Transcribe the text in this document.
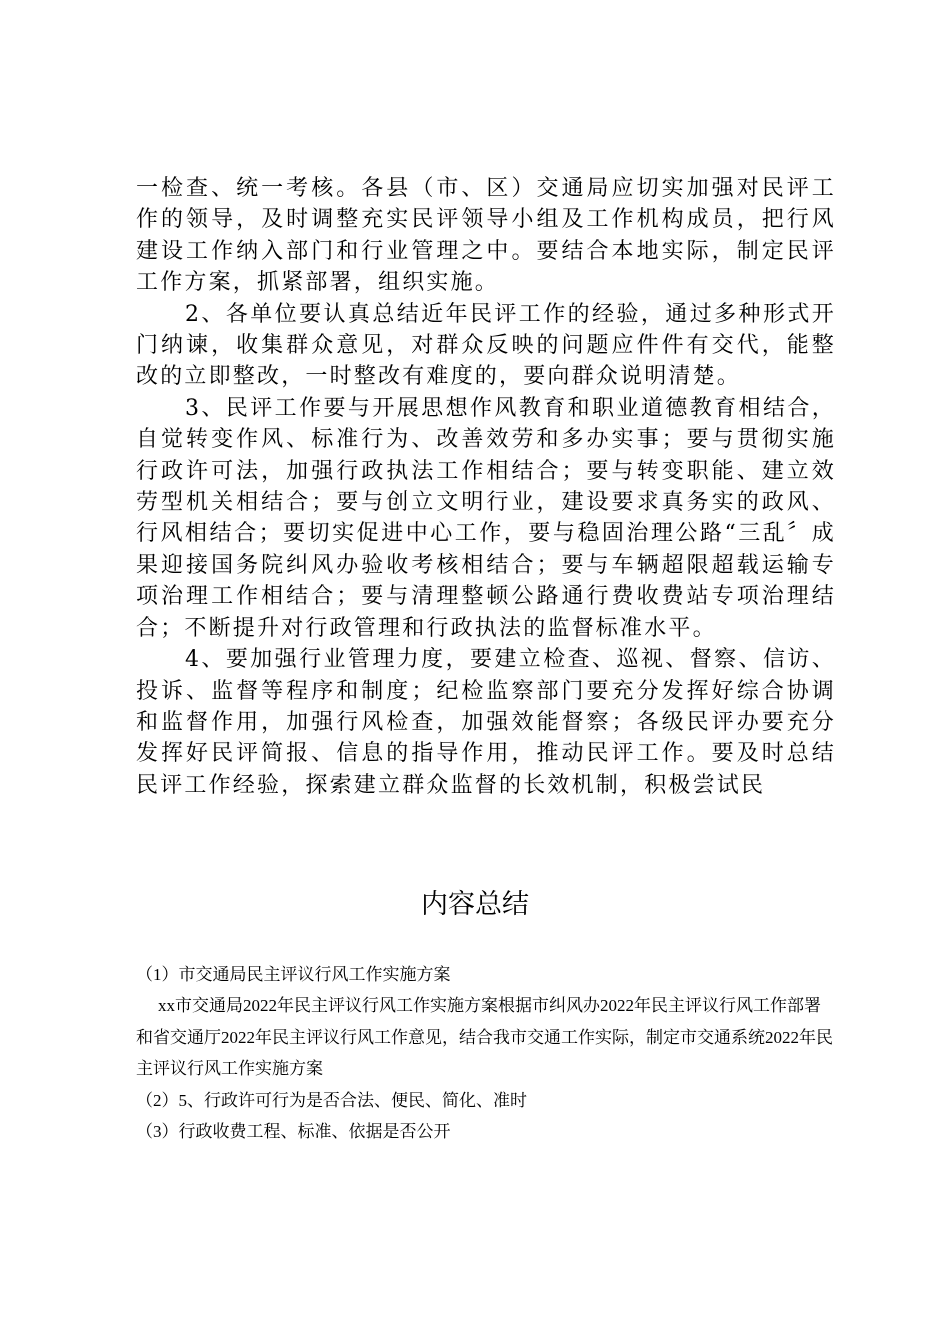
一检查、统一考核。各县（市、区）交通局应切实加强对民评工作的领导，及时调整充实民评领导小组及工作机构成员，把行风建设工作纳入部门和行业管理之中。要结合本地实际，制定民评工作方案，抓紧部署，组织实施。

2、各单位要认真总结近年民评工作的经验，通过多种形式开门纳谏，收集群众意见，对群众反映的问题应件件有交代，能整改的立即整改，一时整改有难度的，要向群众说明清楚。

3、民评工作要与开展思想作风教育和职业道德教育相结合，自觉转变作风、标准行为、改善效劳和多办实事；要与贯彻实施行政许可法，加强行政执法工作相结合；要与转变职能、建立效劳型机关相结合；要与创立文明行业，建设要求真务实的政风、行风相结合；要切实促进中心工作，要与稳固治理公路“三乱〞成果迎接国务院纠风办验收考核相结合；要与车辆超限超载运输专项治理工作相结合；要与清理整顿公路通行费收费站专项治理结合；不断提升对行政管理和行政执法的监督标准水平。

4、要加强行业管理力度，要建立检查、巡视、督察、信访、投诉、监督等程序和制度；纪检监察部门要充分发挥好综合协调和监督作用，加强行风检查，加强效能督察；各级民评办要充分发挥好民评简报、信息的指导作用，推动民评工作。要及时总结民评工作经验，探索建立群众监督的长效机制，积极尝试民

内容总结

（1）市交通局民主评议行风工作实施方案

xx市交通局2022年民主评议行风工作实施方案根据市纠风办2022年民主评议行风工作部署和省交通厅2022年民主评议行风工作意见，结合我市交通工作实际，制定市交通系统2022年民主评议行风工作实施方案

（2）5、行政许可行为是否合法、便民、简化、准时

（3）行政收费工程、标准、依据是否公开
